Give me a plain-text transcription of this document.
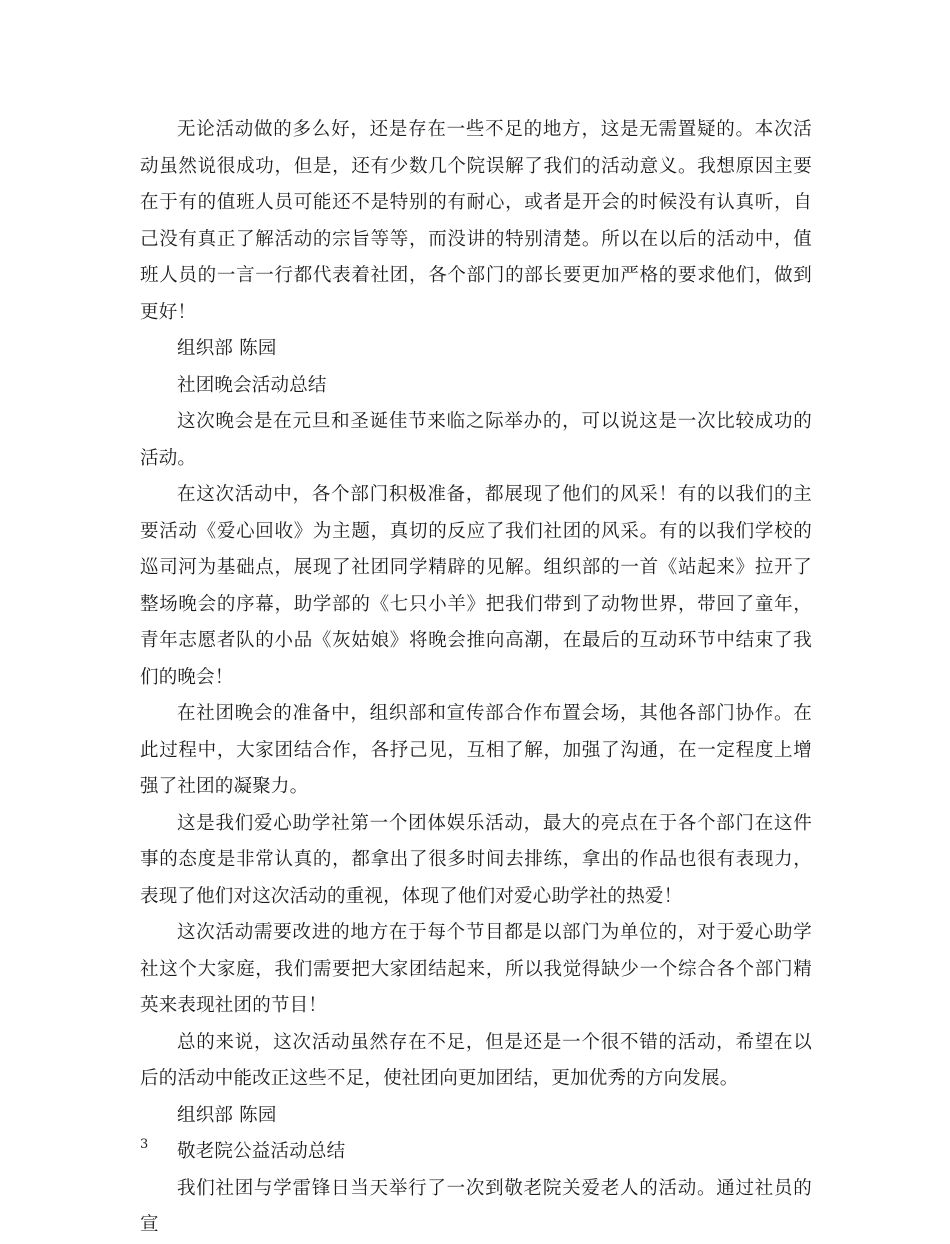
无论活动做的多么好，还是存在一些不足的地方，这是无需置疑的。本次活动虽然说很成功，但是，还有少数几个院误解了我们的活动意义。我想原因主要在于有的值班人员可能还不是特别的有耐心，或者是开会的时候没有认真听，自己没有真正了解活动的宗旨等等，而没讲的特别清楚。所以在以后的活动中，值班人员的一言一行都代表着社团，各个部门的部长要更加严格的要求他们，做到更好！

组织部 陈园

社团晚会活动总结

这次晚会是在元旦和圣诞佳节来临之际举办的，可以说这是一次比较成功的活动。

在这次活动中，各个部门积极准备，都展现了他们的风采！有的以我们的主要活动《爱心回收》为主题，真切的反应了我们社团的风采。有的以我们学校的巡司河为基础点，展现了社团同学精辟的见解。组织部的一首《站起来》拉开了整场晚会的序幕，助学部的《七只小羊》把我们带到了动物世界，带回了童年，青年志愿者队的小品《灰姑娘》将晚会推向高潮，在最后的互动环节中结束了我们的晚会！

在社团晚会的准备中，组织部和宣传部合作布置会场，其他各部门协作。在此过程中，大家团结合作，各抒己见，互相了解，加强了沟通，在一定程度上增强了社团的凝聚力。

这是我们爱心助学社第一个团体娱乐活动，最大的亮点在于各个部门在这件事的态度是非常认真的，都拿出了很多时间去排练，拿出的作品也很有表现力，表现了他们对这次活动的重视，体现了他们对爱心助学社的热爱！

这次活动需要改进的地方在于每个节目都是以部门为单位的，对于爱心助学社这个大家庭，我们需要把大家团结起来，所以我觉得缺少一个综合各个部门精英来表现社团的节目！

总的来说，这次活动虽然存在不足，但是还是一个很不错的活动，希望在以后的活动中能改正这些不足，使社团向更加团结，更加优秀的方向发展。

组织部 陈园

敬老院公益活动总结

我们社团与学雷锋日当天举行了一次到敬老院关爱老人的活动。通过社员的宣

3
